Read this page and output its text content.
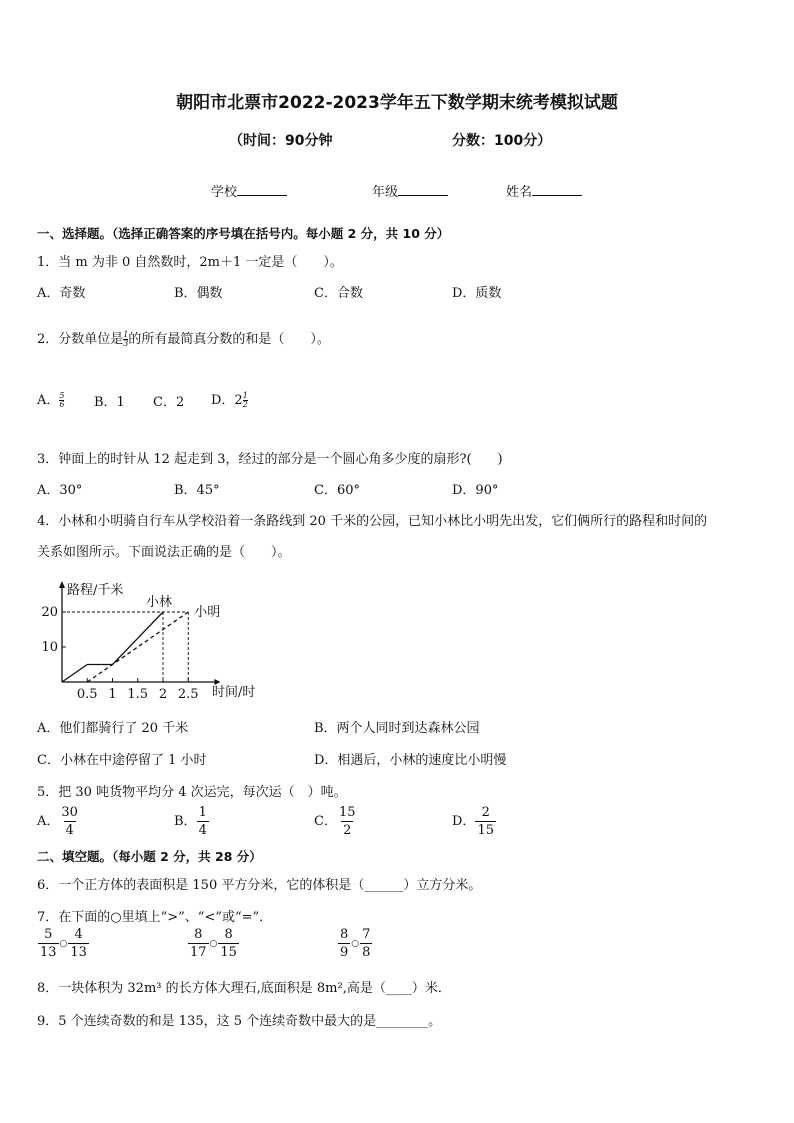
朝阳市北票市2022-2023学年五下数学期末统考模拟试题
（时间：90分钟	分数：100分）
学校	年级	姓名
一、选择题。（选择正确答案的序号填在括号内。每小题 2 分，共 10 分）
1．当 m 为非 0 自然数时，2m＋1 一定是（　　）。
A．奇数	B．偶数	C．合数	D．质数
2．分数单位是 $\frac{1}{3}$ 的所有最简真分数的和是（　　）。
A． $\frac{5}{6}$ B．1 C．2 D．$2 \frac{1}{2}$
3．钟面上的时针从 12 起走到 3，经过的部分是一个圆心角多少度的扇形?(　　)
A．30°	B．45°	C．60°	D．90°
4．小林和小明骑自行车从学校沿着一条路线到 20 千米的公园，已知小林比小明先出发，它们俩所行的路程和时间的
关系如图所示。下面说法正确的是（　　）。
路程/千米
时间/时
10
20
0.5 1 1.5 2 2.5
小林
小明
A．他们都骑行了 20 千米	B．两个人同时到达森林公园
C．小林在中途停留了 1 小时	D．相遇后，小林的速度比小明慢
5．把 30 吨货物平均分 4 次运完，每次运（　）吨。
A． $\frac{30}{4}$	B． $\frac{1}{4}$	C． $\frac{15}{2}$	D． $\frac{2}{15}$
二、填空题。（每小题 2 分，共 28 分）
6．一个正方体的表面积是 150 平方分米，它的体积是（______）立方分米。
7．在下面的○里填上“>”、“<”或“=”．
$\frac{5}{13}$ ○ $\frac{4}{13}$	$\frac{8}{17}$ ○ $\frac{8}{15}$	$\frac{8}{9}$ ○ $\frac{7}{8}$
8．一块体积为 32m³ 的长方体大理石,底面积是 8m²,高是（____）米．
9．5 个连续奇数的和是 135，这 5 个连续奇数中最大的是________。
